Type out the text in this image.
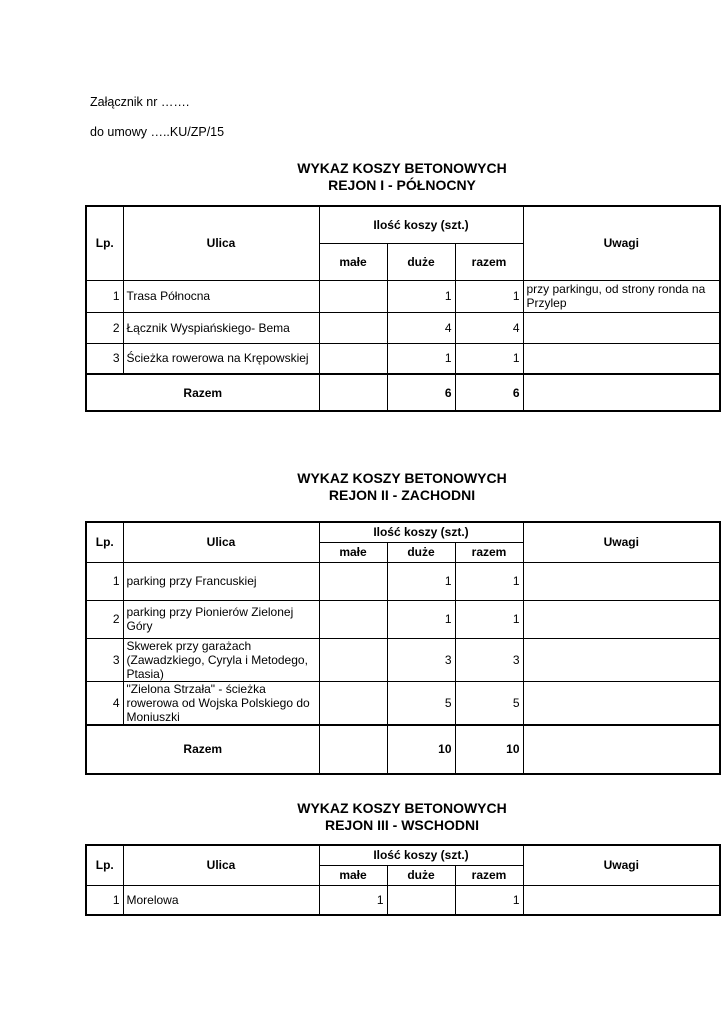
Załącznik nr …….
do umowy …..KU/ZP/15
WYKAZ KOSZY BETONOWYCH
REJON I - PÓŁNOCNY
Lp.	Ulica	Ilość koszy (szt.)			Uwagi
		małe	duże	razem	
1	Trasa Północna		1	1	przy parkingu, od strony ronda na Przylep
2	Łącznik Wyspiańskiego- Bema		4	4	
3	Ścieżka rowerowa na Krępowskiej		1	1	
Razem			6	6	
WYKAZ KOSZY BETONOWYCH
REJON II - ZACHODNI
Lp.	Ulica	Ilość koszy (szt.)			Uwagi
		małe	duże	razem	
1	parking przy Francuskiej		1	1	
2	parking przy Pionierów Zielonej Góry		1	1	
3	Skwerek przy garażach (Zawadzkiego, Cyryla i Metodego, Ptasia)		3	3	
4	"Zielona Strzała" - ścieżka rowerowa od Wojska Polskiego do Moniuszki		5	5	
Razem			10	10	
WYKAZ KOSZY BETONOWYCH
REJON III - WSCHODNI
Lp.	Ulica	Ilość koszy (szt.)			Uwagi
		małe	duże	razem	
1	Morelowa	1		1	
